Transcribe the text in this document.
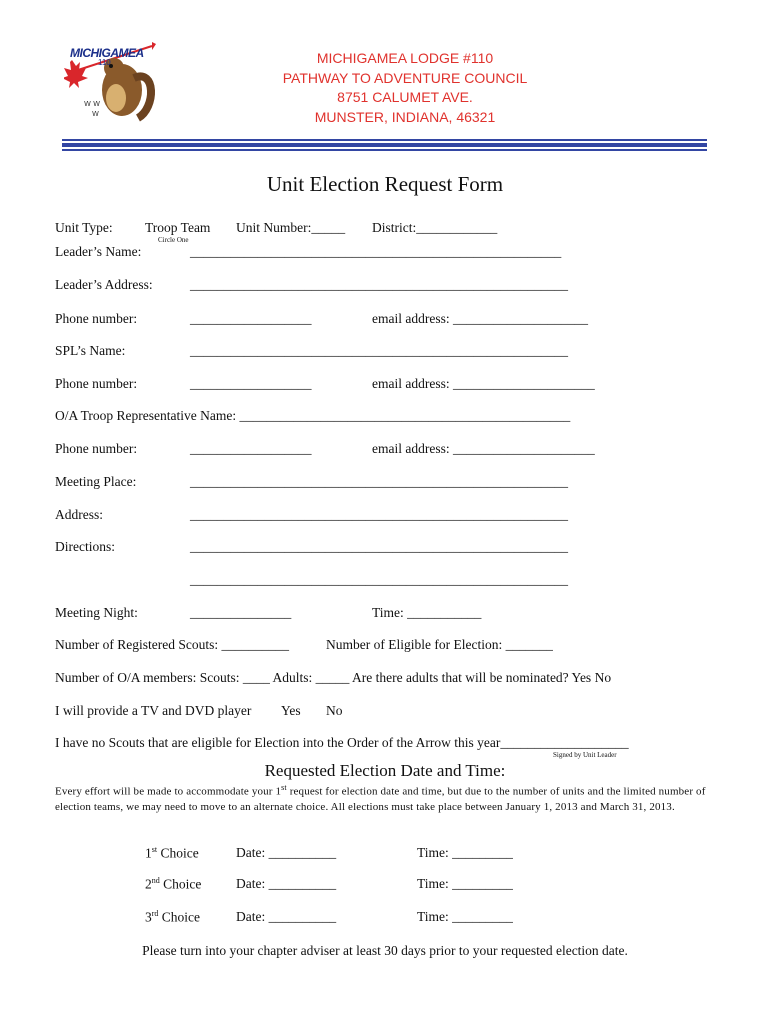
W W
W
MICHIGAMEA
110	MICHIGAMEA LODGE #110
PATHWAY TO ADVENTURE COUNCIL
8751 CALUMET AVE.
MUNSTER, INDIANA, 46321
Unit Election Request Form
Unit Type: Troop Team
Circle One
Unit Number:_____ District:____________
Leader’s Name:	_______________________________________________________
Leader’s Address:	________________________________________________________
Phone number:	__________________	email address: ____________________
SPL’s Name:	________________________________________________________
Phone number:	__________________	email address: _____________________
O/A Troop Representative Name: _________________________________________________
Phone number:	__________________	email address: _____________________
Meeting Place:	________________________________________________________
Address:	________________________________________________________
Directions:	________________________________________________________
________________________________________________________
Meeting Night:	_______________	Time: ___________
Number of Registered Scouts: __________	Number of Eligible for Election: _______
Number of O/A members: Scouts: ____ Adults: _____ Are there adults that will be nominated? Yes No
I will provide a TV and DVD player Yes No
I have no Scouts that are eligible for Election into the Order of the Arrow this year___________________
Signed by Unit Leader
Requested Election Date and Time:
Every effort will be made to accommodate your 1st request for election date and time, but due to the number of units and the limited number of election teams, we may need to move to an alternate choice. All elections must take place between January 1, 2013 and March 31, 2013.
1st Choice	Date: __________	Time: _________
2nd Choice	Date: __________	Time: _________
3rd Choice	Date: __________	Time: _________
Please turn into your chapter adviser at least 30 days prior to your requested election date.
